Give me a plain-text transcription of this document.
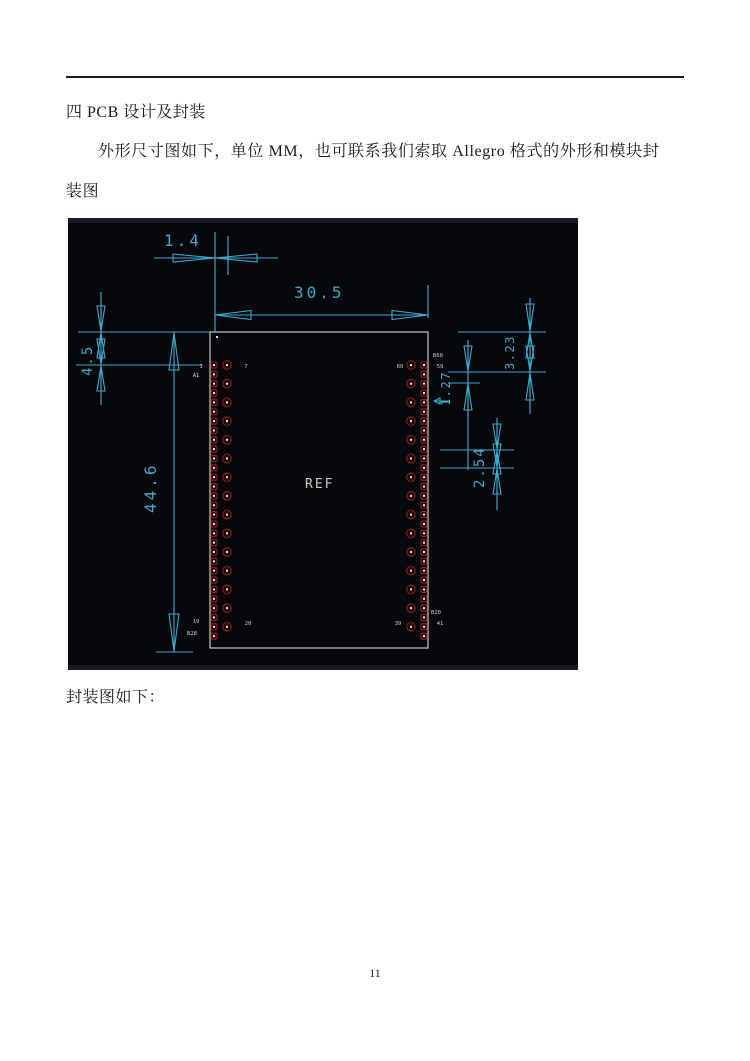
四 PCB 设计及封装
外形尺寸图如下，单位 MM，也可联系我们索取 Allegro 格式的外形和模块封
装图
1.4
30.5
4.5
44.6
3.23
1.27
2.54
REF
1
A1
7
19	20
B28
B60
60	59
39
B20
41
封装图如下：
11
